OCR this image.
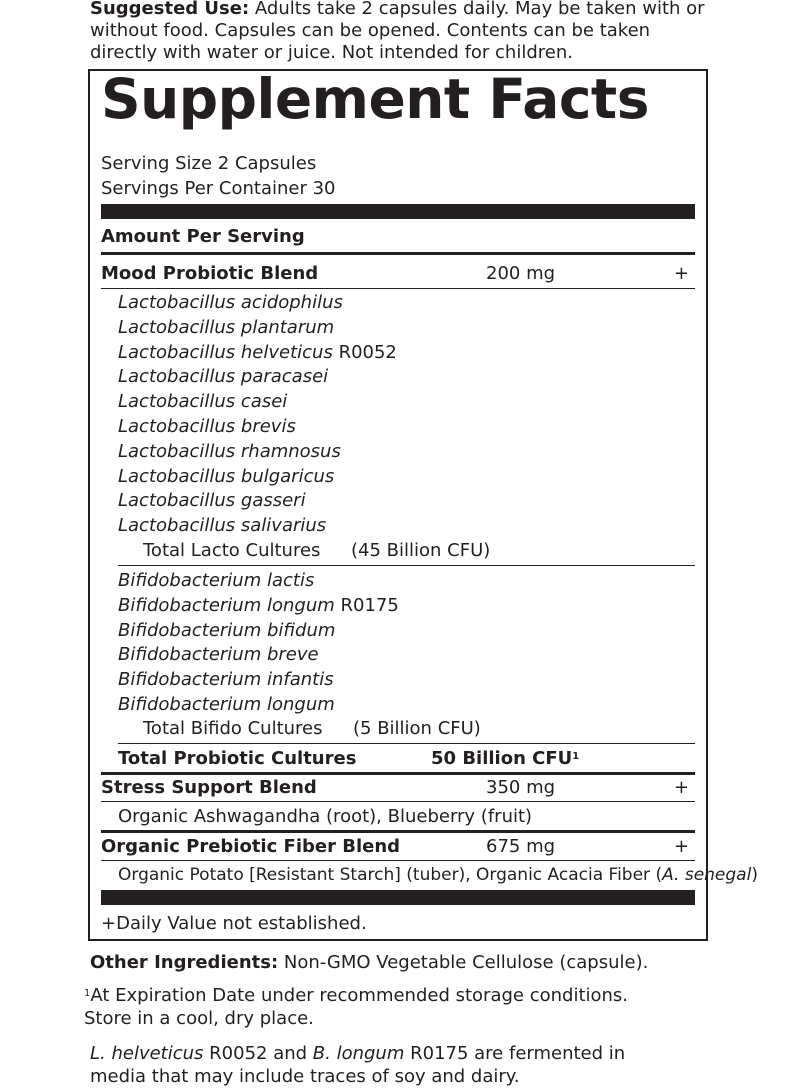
Suggested Use: Adults take 2 capsules daily. May be taken with or without food. Capsules can be opened. Contents can be taken directly with water or juice. Not intended for children.
Supplement Facts
Serving Size 2 Capsules
Servings Per Container 30
Amount Per Serving
Mood Probiotic Blend	200 mg	+
Lactobacillus acidophilus
Lactobacillus plantarum
Lactobacillus helveticus R0052
Lactobacillus paracasei
Lactobacillus casei
Lactobacillus brevis
Lactobacillus rhamnosus
Lactobacillus bulgaricus
Lactobacillus gasseri
Lactobacillus salivarius
Total Lacto Cultures (45 Billion CFU)
Bifidobacterium lactis
Bifidobacterium longum R0175
Bifidobacterium bifidum
Bifidobacterium breve
Bifidobacterium infantis
Bifidobacterium longum
Total Bifido Cultures (5 Billion CFU)
Total Probiotic Cultures	50 Billion CFU$^1$
Stress Support Blend	350 mg	+
Organic Ashwagandha (root), Blueberry (fruit)
Organic Prebiotic Fiber Blend	675 mg	+
Organic Potato [Resistant Starch] (tuber), Organic Acacia Fiber (A. senegal)
+Daily Value not established.
Other Ingredients: Non-GMO Vegetable Cellulose (capsule).
$^1$At Expiration Date under recommended storage conditions. Store in a cool, dry place.
L. helveticus R0052 and B. longum R0175 are fermented in media that may include traces of soy and dairy.
